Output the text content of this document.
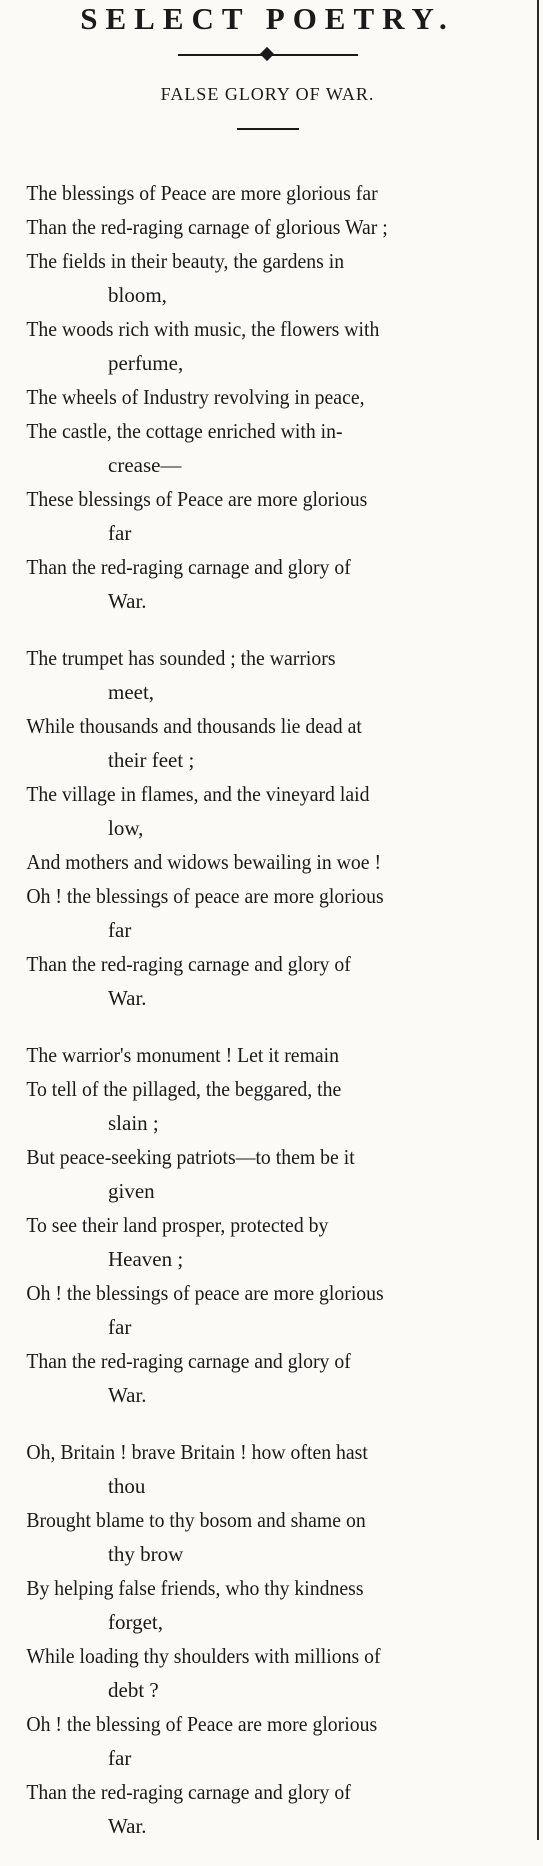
SELECT POETRY.
FALSE GLORY OF WAR.
The blessings of Peace are more glorious far
Than the red-raging carnage of glorious War ;
The fields in their beauty, the gardens in
bloom,
The woods rich with music, the flowers with
perfume,
The wheels of Industry revolving in peace,
The castle, the cottage enriched with in-
crease—
These blessings of Peace are more glorious
far
Than the red-raging carnage and glory of
War.
The trumpet has sounded ; the warriors
meet,
While thousands and thousands lie dead at
their feet ;
The village in flames, and the vineyard laid
low,
And mothers and widows bewailing in woe !
Oh ! the blessings of peace are more glorious
far
Than the red-raging carnage and glory of
War.
The warrior's monument ! Let it remain
To tell of the pillaged, the beggared, the
slain ;
But peace-seeking patriots—to them be it
given
To see their land prosper, protected by
Heaven ;
Oh ! the blessings of peace are more glorious
far
Than the red-raging carnage and glory of
War.
Oh, Britain ! brave Britain ! how often hast
thou
Brought blame to thy bosom and shame on
thy brow
By helping false friends, who thy kindness
forget,
While loading thy shoulders with millions of
debt ?
Oh ! the blessing of Peace are more glorious
far
Than the red-raging carnage and glory of
War.
